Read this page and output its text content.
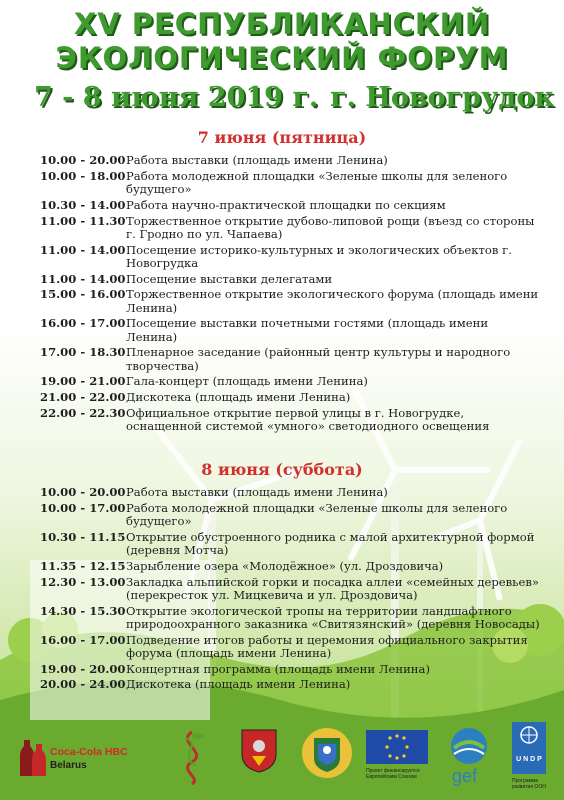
XV РЕСПУБЛИКАНСКИЙ
ЭКОЛОГИЧЕСКИЙ ФОРУМ
7 - 8 июня 2019 г. г. Новогрудок
7 июня (пятница)
10.00 - 20.00 Работа выставки (площадь имени Ленина)
10.00 - 18.00 Работа молодежной площадки «Зеленые школы для зеленого будущего»
10.30 - 14.00 Работа научно-практической площадки по секциям
11.00 - 11.30 Торжественное открытие дубово-липовой рощи (въезд со стороны г. Гродно по ул. Чапаева)
11.00 - 14.00 Посещение историко-культурных и экологических объектов г. Новогрудка
11.00 - 14.00 Посещение выставки делегатами
15.00 - 16.00 Торжественное открытие экологического форума (площадь имени Ленина)
16.00 - 17.00 Посещение выставки почетными гостями (площадь имени Ленина)
17.00 - 18.30 Пленарное заседание (районный центр культуры и народного творчества)
19.00 - 21.00 Гала-концерт (площадь имени Ленина)
21.00 - 22.00 Дискотека (площадь имени Ленина)
22.00 - 22.30 Официальное открытие первой улицы в г. Новогрудке, оснащенной системой «умного» светодиодного освещения
8 июня (суббота)
10.00 - 20.00 Работа выставки (площадь имени Ленина)
10.00 - 17.00 Работа молодежной площадки «Зеленые школы для зеленого будущего»
10.30 - 11.15 Открытие обустроенного родника с малой архитектурной формой (деревня Мотча)
11.35 - 12.15 Зарыбление озера «Молодёжное» (ул. Дроздовича)
12.30 - 13.00 Закладка альпийской горки и посадка аллеи «семейных деревьев» (перекресток ул. Мицкевича и ул. Дроздовича)
14.30 - 15.30 Открытие экологической тропы на территории ландшафтного природоохранного заказника «Свитязянский» (деревня Новосады)
16.00 - 17.00 Подведение итогов работы и церемония официального закрытия форума (площадь имени Ленина)
19.00 - 20.00 Концертная программа (площадь имени Ленина)
20.00 - 24.00 Дискотека (площадь имени Ленина)
Coca-Cola HBC
Belarus	Проект финансируется Европейским Союзом	gef
U N D P
Программа развития ООН
